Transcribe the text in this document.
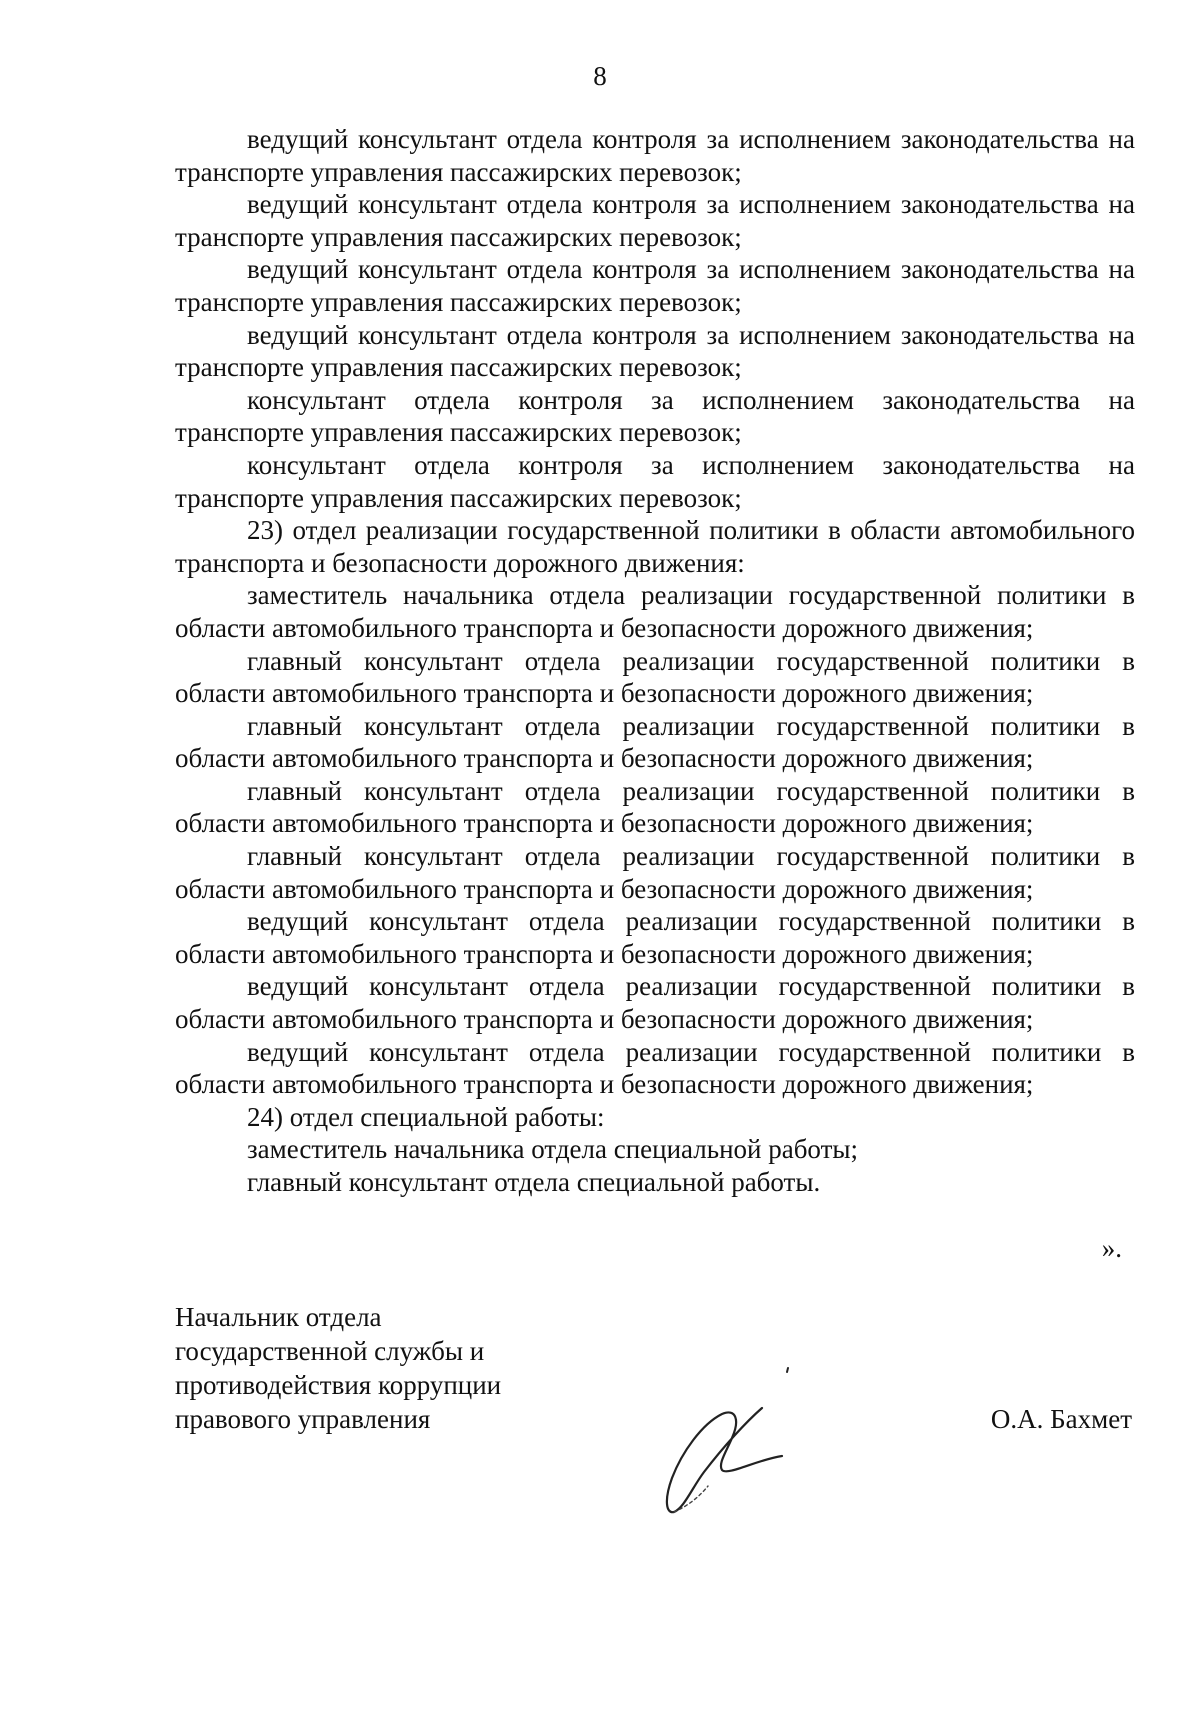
8

ведущий консультант отдела контроля за исполнением законодательства на транспорте управления пассажирских перевозок;

ведущий консультант отдела контроля за исполнением законодательства на транспорте управления пассажирских перевозок;

ведущий консультант отдела контроля за исполнением законодательства на транспорте управления пассажирских перевозок;

ведущий консультант отдела контроля за исполнением законодательства на транспорте управления пассажирских перевозок;

консультант отдела контроля за исполнением законодательства на транспорте управления пассажирских перевозок;

консультант отдела контроля за исполнением законодательства на транспорте управления пассажирских перевозок;

23) отдел реализации государственной политики в области автомобильного транспорта и безопасности дорожного движения:

заместитель начальника отдела реализации государственной политики в области автомобильного транспорта и безопасности дорожного движения;

главный консультант отдела реализации государственной политики в области автомобильного транспорта и безопасности дорожного движения;

главный консультант отдела реализации государственной политики в области автомобильного транспорта и безопасности дорожного движения;

главный консультант отдела реализации государственной политики в области автомобильного транспорта и безопасности дорожного движения;

главный консультант отдела реализации государственной политики в области автомобильного транспорта и безопасности дорожного движения;

ведущий консультант отдела реализации государственной политики в области автомобильного транспорта и безопасности дорожного движения;

ведущий консультант отдела реализации государственной политики в области автомобильного транспорта и безопасности дорожного движения;

ведущий консультант отдела реализации государственной политики в области автомобильного транспорта и безопасности дорожного движения;

24) отдел специальной работы:

заместитель начальника отдела специальной работы;

главный консультант отдела специальной работы.

».
Начальник отдела
государственной службы и
противодействия коррупции
правового управления	О.А. Бахмет
